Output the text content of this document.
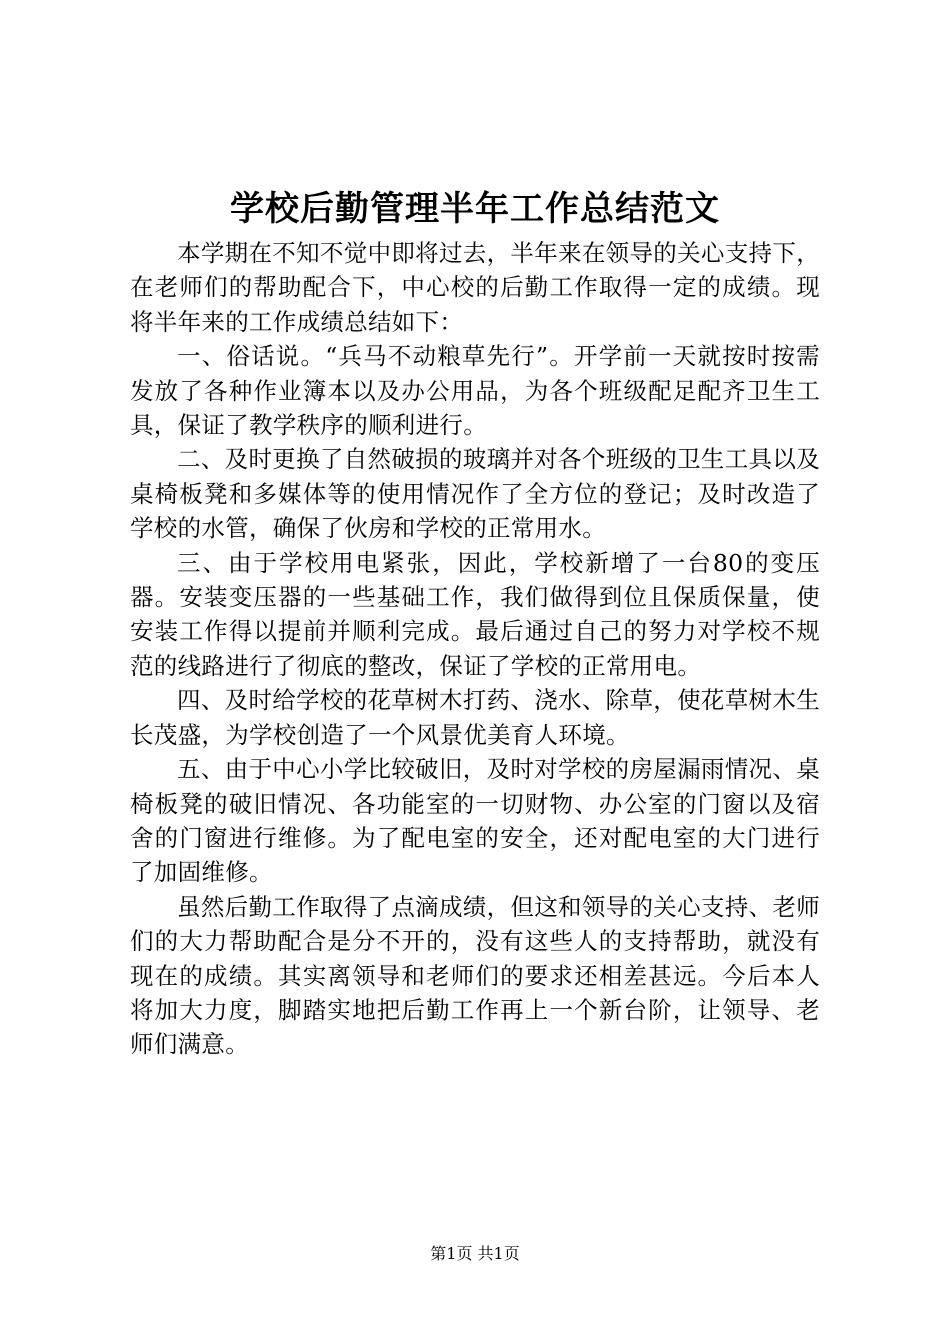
学校后勤管理半年工作总结范文

本学期在不知不觉中即将过去，半年来在领导的关心支持下，在老师们的帮助配合下，中心校的后勤工作取得一定的成绩。现将半年来的工作成绩总结如下：

一、俗话说。“兵马不动粮草先行”。开学前一天就按时按需发放了各种作业簿本以及办公用品，为各个班级配足配齐卫生工具，保证了教学秩序的顺利进行。

二、及时更换了自然破损的玻璃并对各个班级的卫生工具以及桌椅板凳和多媒体等的使用情况作了全方位的登记；及时改造了学校的水管，确保了伙房和学校的正常用水。

三、由于学校用电紧张，因此，学校新增了一台80的变压器。安装变压器的一些基础工作，我们做得到位且保质保量，使安装工作得以提前并顺利完成。最后通过自己的努力对学校不规范的线路进行了彻底的整改，保证了学校的正常用电。

四、及时给学校的花草树木打药、浇水、除草，使花草树木生长茂盛，为学校创造了一个风景优美育人环境。

五、由于中心小学比较破旧，及时对学校的房屋漏雨情况、桌椅板凳的破旧情况、各功能室的一切财物、办公室的门窗以及宿舍的门窗进行维修。为了配电室的安全，还对配电室的大门进行了加固维修。

虽然后勤工作取得了点滴成绩，但这和领导的关心支持、老师们的大力帮助配合是分不开的，没有这些人的支持帮助，就没有现在的成绩。其实离领导和老师们的要求还相差甚远。今后本人将加大力度，脚踏实地把后勤工作再上一个新台阶，让领导、老师们满意。

第1页 共1页
